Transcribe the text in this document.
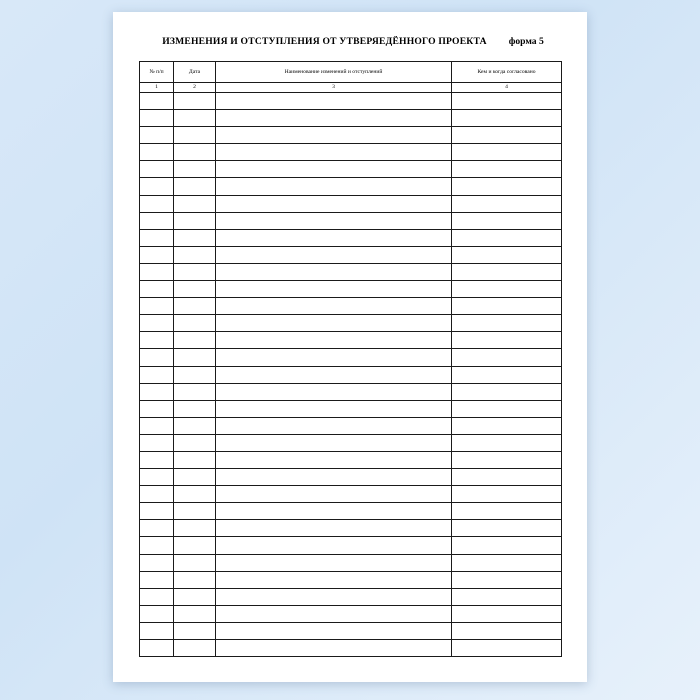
ИЗМЕНЕНИЯ И ОТСТУПЛЕНИЯ ОТ УТВЕРЯЕДЁННОГО ПРОЕКТА форма 5
№ п/п	Дата	Наименование изменений и отступлений	Кем и когда согласовано
1	2	3	4
